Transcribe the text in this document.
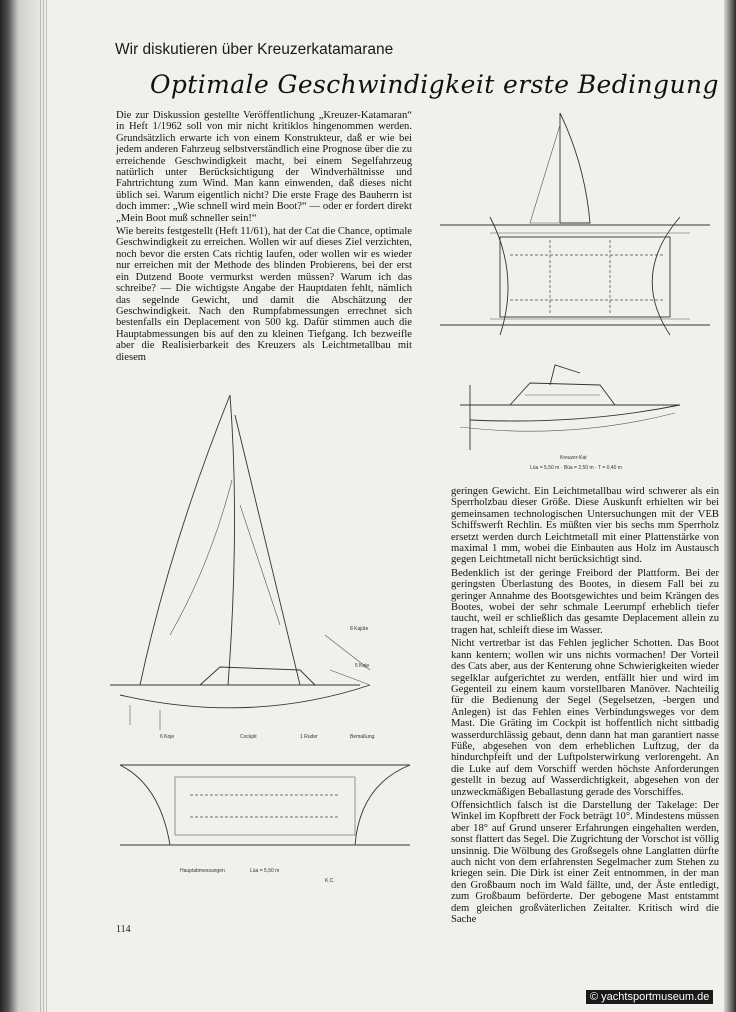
Wir diskutieren über Kreuzerkatamarane
Optimale Geschwindigkeit erste Bedingung

Die zur Diskussion gestellte Veröffentlichung „Kreuzer-Katamaran“ in Heft 1/1962 soll von mir nicht kritiklos hingenommen werden. Grundsätzlich erwarte ich von einem Konstrukteur, daß er wie bei jedem anderen Fahrzeug selbstverständlich eine Prognose über die zu erreichende Geschwindigkeit macht, bei einem Segelfahrzeug natürlich unter Berücksichtigung der Windverhältnisse und Fahrtrichtung zum Wind. Man kann einwenden, daß dieses nicht üblich sei. Warum eigentlich nicht? Die erste Frage des Bauherrn ist doch immer: „Wie schnell wird mein Boot?“ — oder er fordert direkt „Mein Boot muß schneller sein!“

Wie bereits festgestellt (Heft 11/61), hat der Cat die Chance, optimale Geschwindigkeit zu erreichen. Wollen wir auf dieses Ziel verzichten, noch bevor die ersten Cats richtig laufen, oder wollen wir es wieder nur erreichen mit der Methode des blinden Probierens, bei der erst ein Dutzend Boote vermurkst werden müssen? Warum ich das schreibe? — Die wichtigste Angabe der Hauptdaten fehlt, nämlich das segelnde Gewicht, und damit die Abschätzung der Geschwindigkeit. Nach den Rumpfabmessungen errechnet sich bestenfalls ein Deplacement von 500 kg. Dafür stimmen auch die Hauptabmessungen bis auf den zu kleinen Tiefgang. Ich bezweifle aber die Realisierbarkeit des Kreuzers als Leichtmetallbau mit diesem

geringen Gewicht. Ein Leichtmetallbau wird schwerer als ein Sperrholzbau dieser Größe. Diese Auskunft erhielten wir bei gemeinsamen technologischen Untersuchungen mit der VEB Schiffswerft Rechlin. Es müßten vier bis sechs mm Sperrholz ersetzt werden durch Leichtmetall mit einer Plattenstärke von maximal 1 mm, wobei die Einbauten aus Holz im Austausch gegen Leichtmetall nicht berücksichtigt sind.

Bedenklich ist der geringe Freibord der Plattform. Bei der geringsten Überlastung des Bootes, in diesem Fall bei zu geringer Annahme des Bootsgewichtes und beim Krängen des Bootes, wobei der sehr schmale Leerumpf erheblich tiefer taucht, weil er schließlich das gesamte Deplacement allein zu tragen hat, schleift diese im Wasser.

Nicht vertretbar ist das Fehlen jeglicher Schotten. Das Boot kann kentern; wollen wir uns nichts vormachen! Der Vorteil des Cats aber, aus der Kenterung ohne Schwierigkeiten wieder segelklar aufgerichtet zu werden, entfällt hier und wird im Gegenteil zu einem kaum vorstellbaren Manöver. Nachteilig für die Bedienung der Segel (Segelsetzen, -bergen und Anlegen) ist das Fehlen eines Verbindungsweges vor dem Mast. Die Gräting im Cockpit ist hoffentlich nicht sittbadig wasserdurchlässig gebaut, denn dann hat man garantiert nasse Füße, abgesehen von dem erheblichen Luftzug, der da hindurchpfeift und der Luftpolsterwirkung verlorengeht. An die Luke auf dem Vorschiff werden höchste Anforderungen gestellt in bezug auf Wasserdichtigkeit, abgesehen von der unzweckmäßigen Beballastung gerade des Vorschiffes.

Offensichtlich falsch ist die Darstellung der Takelage: Der Winkel im Kopfbrett der Fock beträgt 10°. Mindestens müssen aber 18° auf Grund unserer Erfahrungen eingehalten werden, sonst flattert das Segel. Die Zugrichtung der Vorschot ist völlig unsinnig. Die Wölbung des Großsegels ohne Langlatten dürfte auch nicht von dem erfahrensten Segelmacher zum Stehen zu kriegen sein. Die Dirk ist einer Zeit entnommen, in der man den Großbaum noch im Wald fällte, und, der Äste entledigt, zum Großbaum beförderte. Der gebogene Mast entstammt dem gleichen großväterlichen Zeitalter. Kritisch wird die Sache

Kreuzer-Kat
Lüa = 5,50 m · Büa = 2,50 m · T = 0,40 m
8 Kajüte
5 Koje
6 Koje	Cockpit	1 Ruder	Bemaßung
Hauptabmessungen	Lüa = 5,50 m
K.C.
114
© yachtsportmuseum.de
